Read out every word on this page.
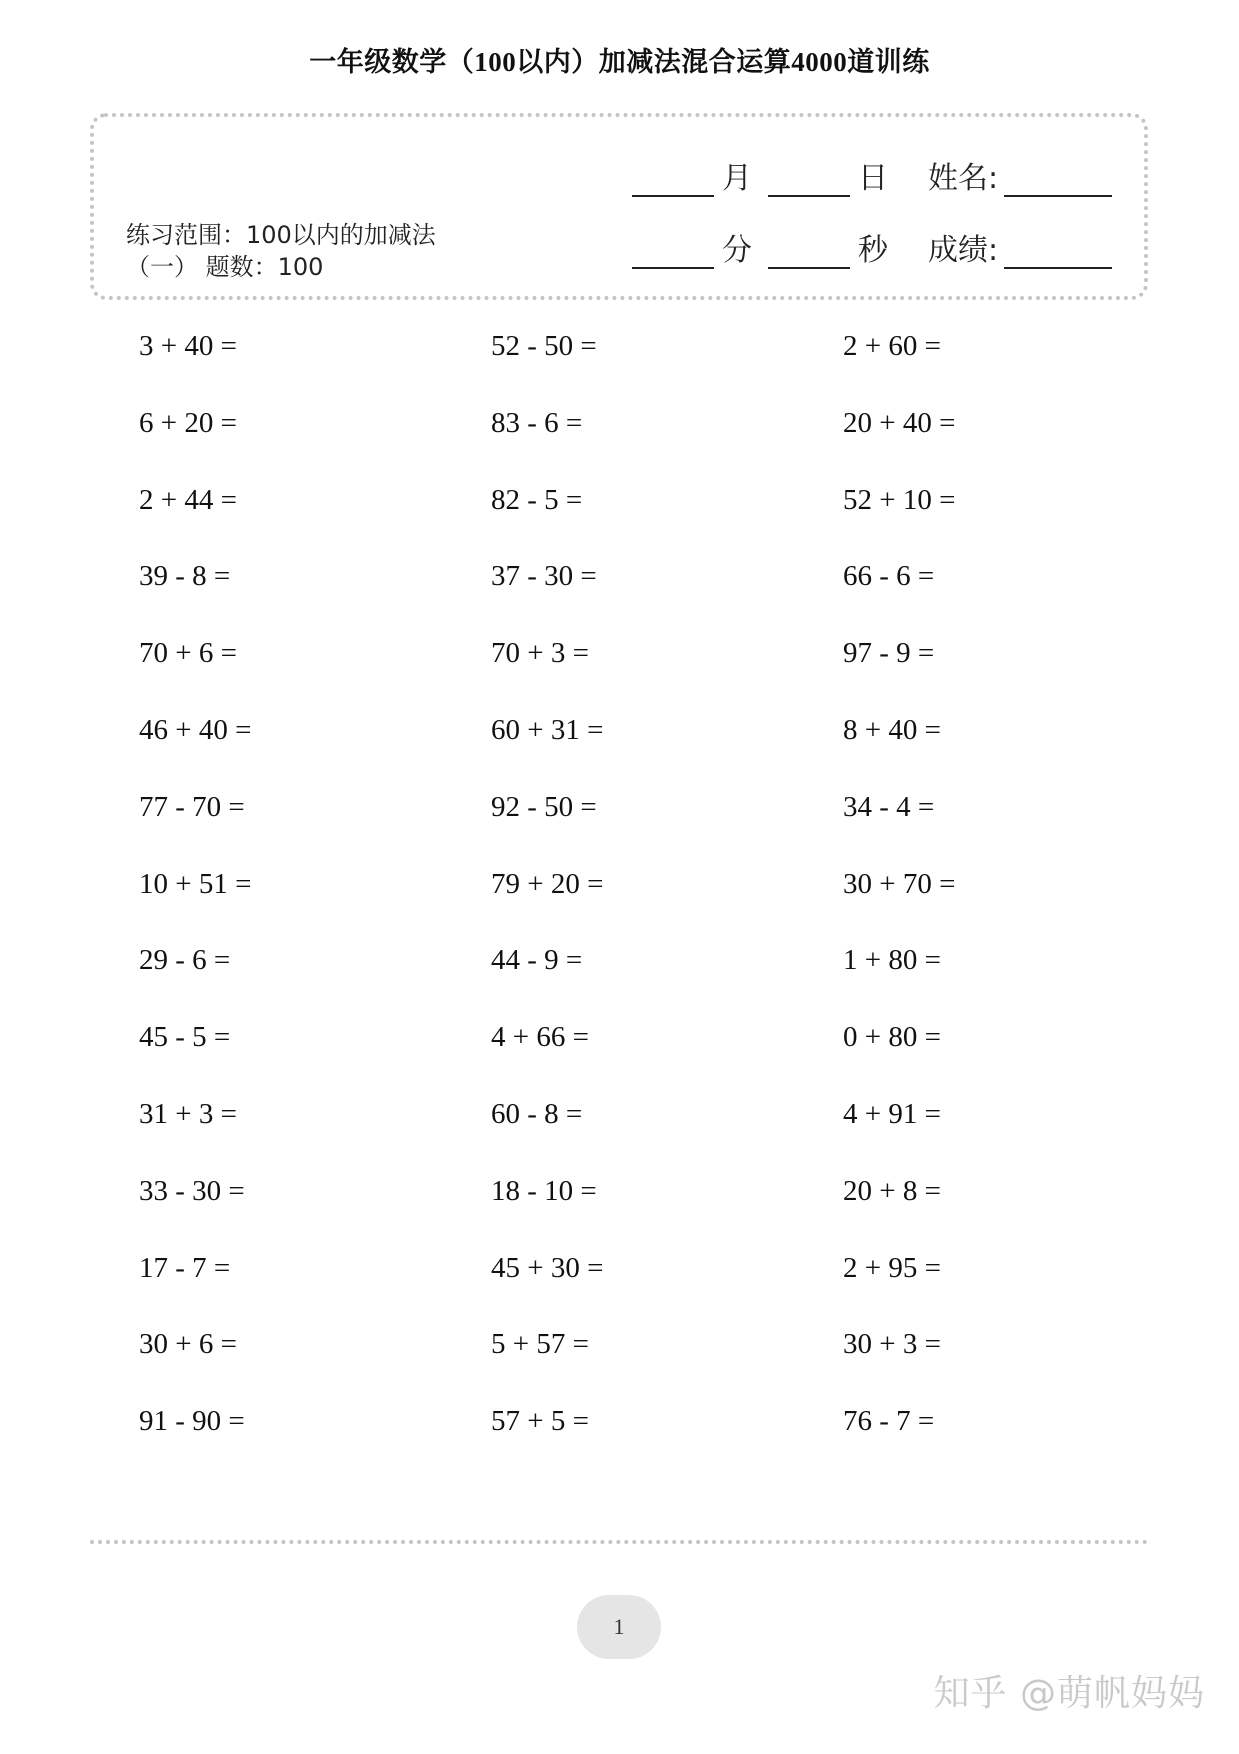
一年级数学（100以内）加减法混合运算4000道训练
练习范围：100以内的加减法
（一） 题数：100
月	日 姓名:
分	秒 成绩:
3 + 40 =	52 - 50 =	2 + 60 =
6 + 20 =	83 - 6 =	20 + 40 =
2 + 44 =	82 - 5 =	52 + 10 =
39 - 8 =	37 - 30 =	66 - 6 =
70 + 6 =	70 + 3 =	97 - 9 =
46 + 40 =	60 + 31 =	8 + 40 =
77 - 70 =	92 - 50 =	34 - 4 =
10 + 51 =	79 + 20 =	30 + 70 =
29 - 6 =	44 - 9 =	1 + 80 =
45 - 5 =	4 + 66 =	0 + 80 =
31 + 3 =	60 - 8 =	4 + 91 =
33 - 30 =	18 - 10 =	20 + 8 =
17 - 7 =	45 + 30 =	2 + 95 =
30 + 6 =	5 + 57 =	30 + 3 =
91 - 90 =	57 + 5 =	76 - 7 =
1
知乎 @萌帆妈妈
